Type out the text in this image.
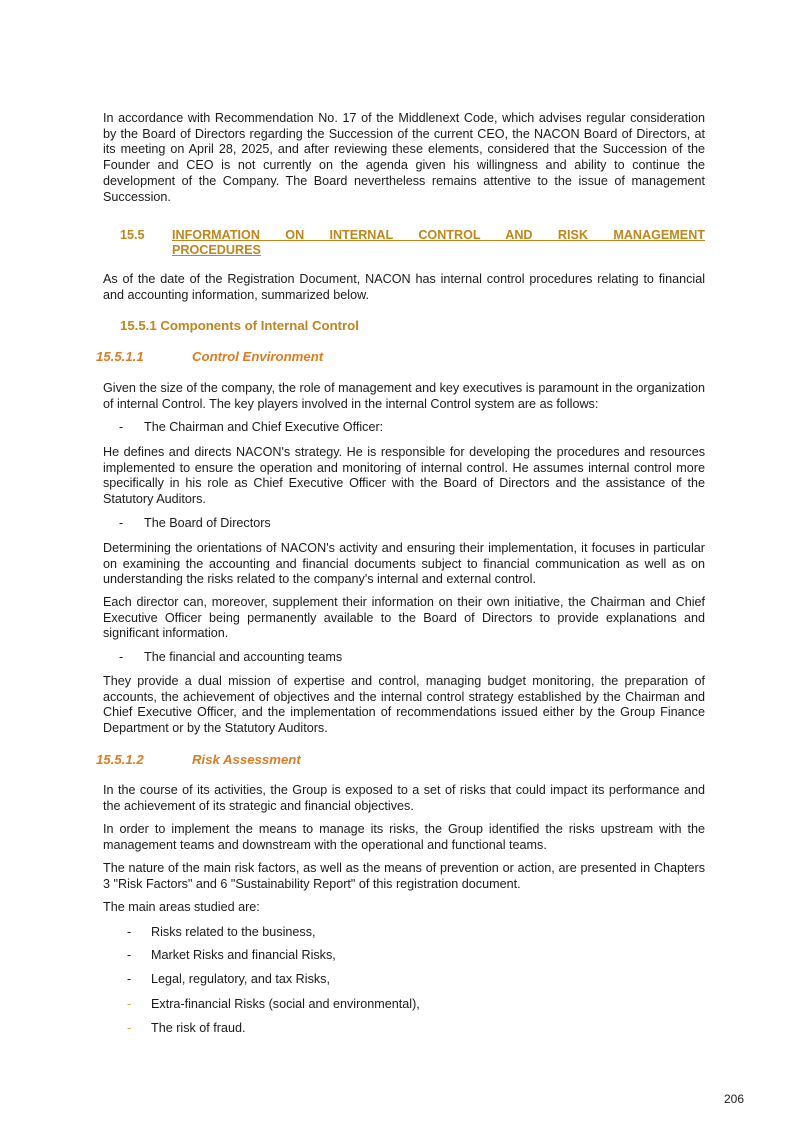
In accordance with Recommendation No. 17 of the Middlenext Code, which advises regular consideration by the Board of Directors regarding the Succession of the current CEO, the NACON Board of Directors, at its meeting on April 28, 2025, and after reviewing these elements, considered that the Succession of the Founder and CEO is not currently on the agenda given his willingness and ability to continue the development of the Company. The Board nevertheless remains attentive to the issue of management Succession.

15.5 INFORMATION ON INTERNAL CONTROL AND RISK MANAGEMENT
PROCEDURES

As of the date of the Registration Document, NACON has internal control procedures relating to financial and accounting information, summarized below.

15.5.1 Components of Internal Control
15.5.1.1	Control Environment

Given the size of the company, the role of management and key executives is paramount in the organization of internal Control. The key players involved in the internal Control system are as follows:

- The Chairman and Chief Executive Officer:

He defines and directs NACON's strategy. He is responsible for developing the procedures and resources implemented to ensure the operation and monitoring of internal control. He assumes internal control more specifically in his role as Chief Executive Officer with the Board of Directors and the assistance of the Statutory Auditors.

- The Board of Directors

Determining the orientations of NACON's activity and ensuring their implementation, it focuses in particular on examining the accounting and financial documents subject to financial communication as well as on understanding the risks related to the company's internal and external control.

Each director can, moreover, supplement their information on their own initiative, the Chairman and Chief Executive Officer being permanently available to the Board of Directors to provide explanations and significant information.

- The financial and accounting teams

They provide a dual mission of expertise and control, managing budget monitoring, the preparation of accounts, the achievement of objectives and the internal control strategy established by the Chairman and Chief Executive Officer, and the implementation of recommendations issued either by the Group Finance Department or by the Statutory Auditors.

15.5.1.2	Risk Assessment

In the course of its activities, the Group is exposed to a set of risks that could impact its performance and the achievement of its strategic and financial objectives.

In order to implement the means to manage its risks, the Group identified the risks upstream with the management teams and downstream with the operational and functional teams.

The nature of the main risk factors, as well as the means of prevention or action, are presented in Chapters 3 "Risk Factors" and 6 "Sustainability Report" of this registration document.

The main areas studied are:

- Risks related to the business,
- Market Risks and financial Risks,
- Legal, regulatory, and tax Risks,
- Extra-financial Risks (social and environmental),
- The risk of fraud.
206
